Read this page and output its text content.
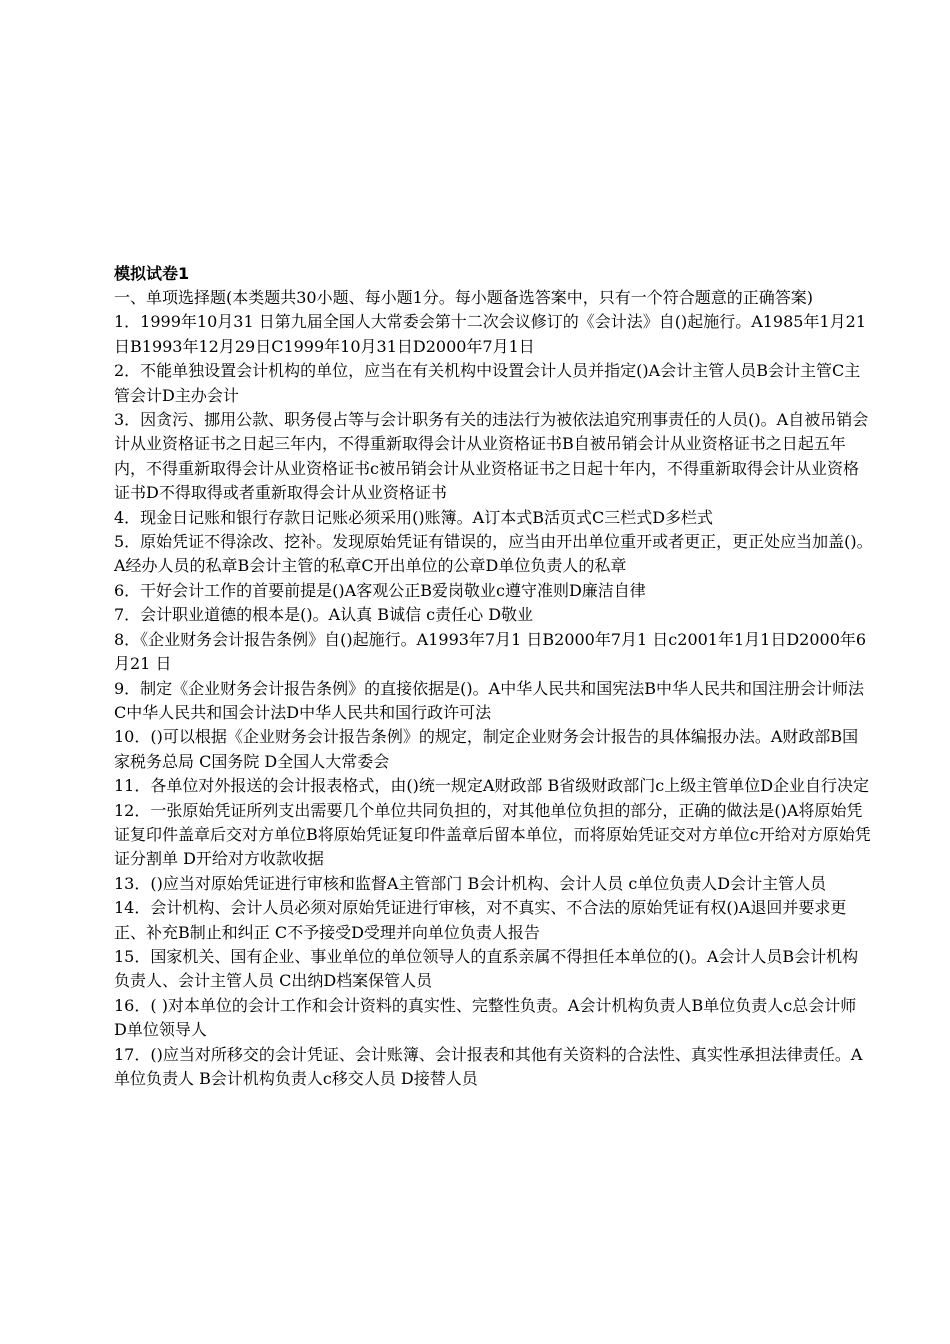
模拟试卷1
一、单项选择题(本类题共30小题、每小题1分。每小题备选答案中，只有一个符合题意的正确答案)
1．1999年10月31 日第九届全国人大常委会第十二次会议修订的《会计法》自()起施行。A1985年1月21 日B1993年12月29日C1999年10月31日D2000年7月1日
2．不能单独设置会计机构的单位，应当在有关机构中设置会计人员并指定()A会计主管人员B会计主管C主管会计D主办会计
3．因贪污、挪用公款、职务侵占等与会计职务有关的违法行为被依法追究刑事责任的人员()。A自被吊销会计从业资格证书之日起三年内，不得重新取得会计从业资格证书B自被吊销会计从业资格证书之日起五年内，不得重新取得会计从业资格证书c被吊销会计从业资格证书之日起十年内，不得重新取得会计从业资格证书D不得取得或者重新取得会计从业资格证书
4．现金日记账和银行存款日记账必须采用()账簿。A订本式B活页式C三栏式D多栏式
5．原始凭证不得涂改、挖补。发现原始凭证有错误的，应当由开出单位重开或者更正，更正处应当加盖()。A经办人员的私章B会计主管的私章C开出单位的公章D单位负责人的私章
6．干好会计工作的首要前提是()A客观公正B爱岗敬业c遵守准则D廉洁自律
7．会计职业道德的根本是()。A认真 B诚信 c责任心 D敬业
8．《企业财务会计报告条例》自()起施行。A1993年7月1 日B2000年7月1 日c2001年1月1日D2000年6月21 日
9．制定《企业财务会计报告条例》的直接依据是()。A中华人民共和国宪法B中华人民共和国注册会计师法C中华人民共和国会计法D中华人民共和国行政许可法
10．()可以根据《企业财务会计报告条例》的规定，制定企业财务会计报告的具体编报办法。A财政部B国家税务总局 C国务院 D全国人大常委会
11．各单位对外报送的会计报表格式，由()统一规定A财政部 B省级财政部门c上级主管单位D企业自行决定
12．一张原始凭证所列支出需要几个单位共同负担的，对其他单位负担的部分，正确的做法是()A将原始凭证复印件盖章后交对方单位B将原始凭证复印件盖章后留本单位，而将原始凭证交对方单位c开给对方原始凭证分割单 D开给对方收款收据
13．()应当对原始凭证进行审核和监督A主管部门 B会计机构、会计人员 c单位负责人D会计主管人员
14．会计机构、会计人员必须对原始凭证进行审核，对不真实、不合法的原始凭证有权()A退回并要求更正、补充B制止和纠正 C不予接受D受理并向单位负责人报告
15．国家机关、国有企业、事业单位的单位领导人的直系亲属不得担任本单位的()。A会计人员B会计机构负责人、会计主管人员 C出纳D档案保管人员
16．( )对本单位的会计工作和会计资料的真实性、完整性负责。A会计机构负责人B单位负责人c总会计师 D单位领导人
17．()应当对所移交的会计凭证、会计账簿、会计报表和其他有关资料的合法性、真实性承担法律责任。A单位负责人 B会计机构负责人c移交人员 D接替人员
